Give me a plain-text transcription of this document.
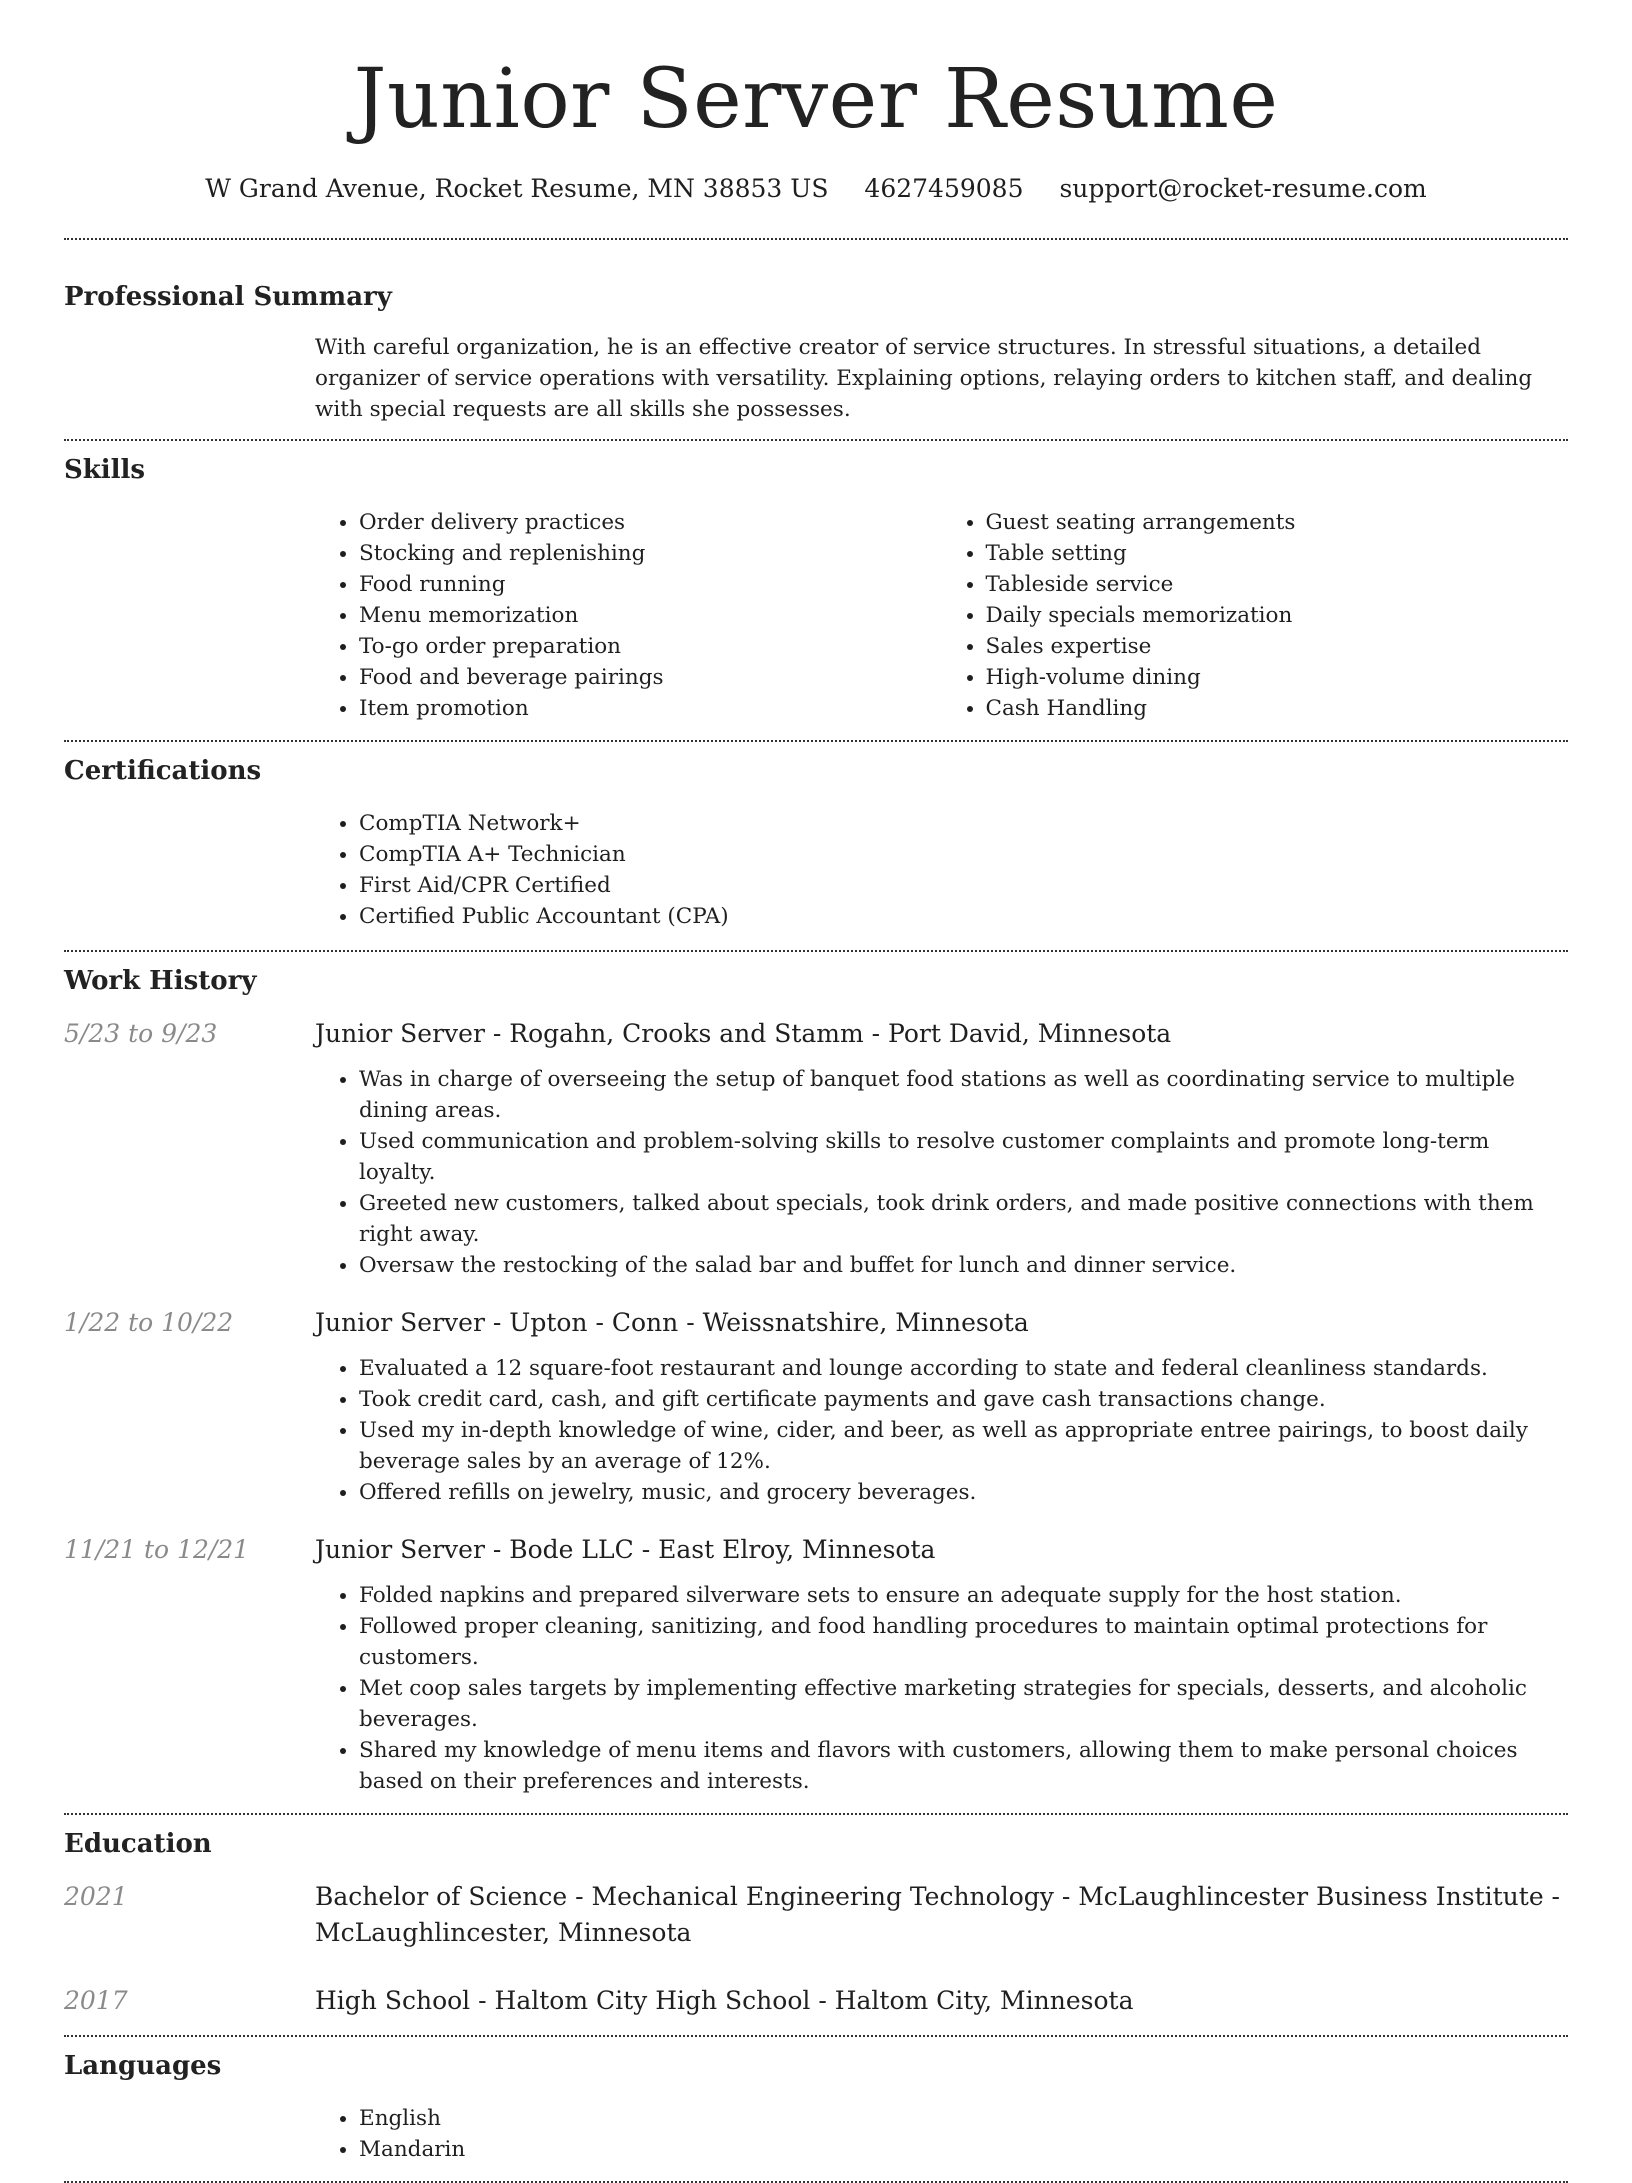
Junior Server Resume
W Grand Avenue, Rocket Resume, MN 38853 US 4627459085 support@rocket-resume.com
Professional Summary
With careful organization, he is an effective creator of service structures. In stressful situations, a detailed organizer of service operations with versatility. Explaining options, relaying orders to kitchen staff, and dealing with special requests are all skills she possesses.
Skills
• Order delivery practices
• Stocking and replenishing
• Food running
• Menu memorization
• To-go order preparation
• Food and beverage pairings
• Item promotion
• Guest seating arrangements
• Table setting
• Tableside service
• Daily specials memorization
• Sales expertise
• High-volume dining
• Cash Handling
Certifications
• CompTIA Network+
• CompTIA A+ Technician
• First Aid/CPR Certified
• Certified Public Accountant (CPA)
Work History
5/23 to 9/23	Junior Server - Rogahn, Crooks and Stamm - Port David, Minnesota
• Was in charge of overseeing the setup of banquet food stations as well as coordinating service to multiple dining areas.
• Used communication and problem-solving skills to resolve customer complaints and promote long-term loyalty.
• Greeted new customers, talked about specials, took drink orders, and made positive connections with them right away.
• Oversaw the restocking of the salad bar and buffet for lunch and dinner service.
1/22 to 10/22	Junior Server - Upton - Conn - Weissnatshire, Minnesota
• Evaluated a 12 square-foot restaurant and lounge according to state and federal cleanliness standards.
• Took credit card, cash, and gift certificate payments and gave cash transactions change.
• Used my in-depth knowledge of wine, cider, and beer, as well as appropriate entree pairings, to boost daily beverage sales by an average of 12%.
• Offered refills on jewelry, music, and grocery beverages.
11/21 to 12/21	Junior Server - Bode LLC - East Elroy, Minnesota
• Folded napkins and prepared silverware sets to ensure an adequate supply for the host station.
• Followed proper cleaning, sanitizing, and food handling procedures to maintain optimal protections for customers.
• Met coop sales targets by implementing effective marketing strategies for specials, desserts, and alcoholic beverages.
• Shared my knowledge of menu items and flavors with customers, allowing them to make personal choices based on their preferences and interests.
Education
2021	Bachelor of Science - Mechanical Engineering Technology - McLaughlincester Business Institute - McLaughlincester, Minnesota
2017	High School - Haltom City High School - Haltom City, Minnesota
Languages
• English
• Mandarin
